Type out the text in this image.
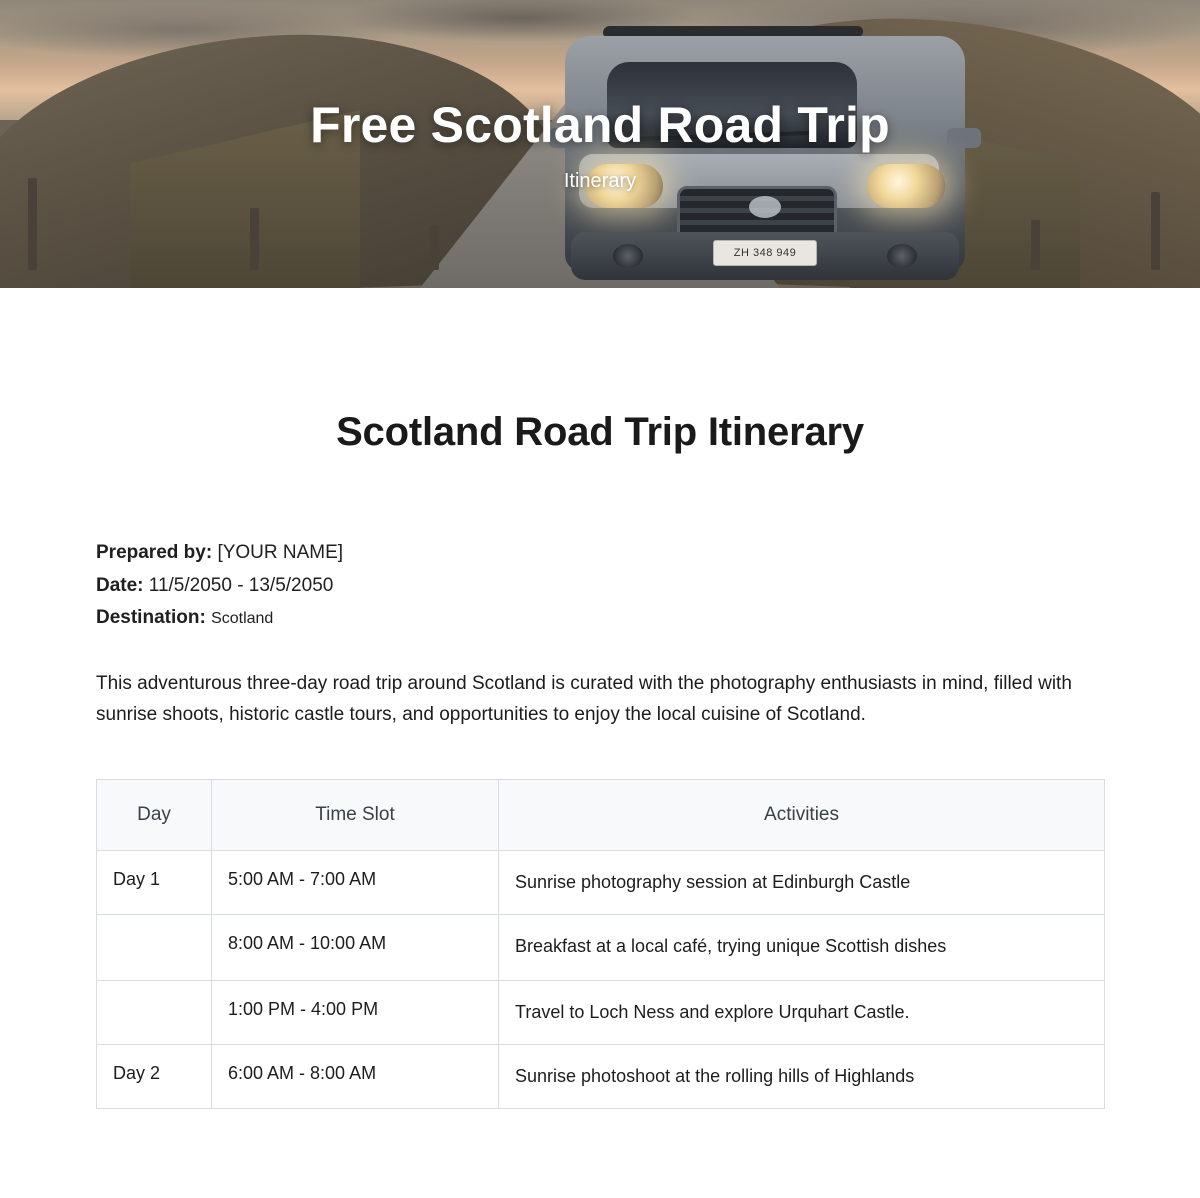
ZH 348 949
Free Scotland Road Trip
Itinerary
Scotland Road Trip Itinerary
Prepared by: [YOUR NAME]
Date: 11/5/2050 - 13/5/2050
Destination: Scotland

This adventurous three-day road trip around Scotland is curated with the photography enthusiasts in mind, filled with sunrise shoots, historic castle tours, and opportunities to enjoy the local cuisine of Scotland.

Day	Time Slot	Activities
Day 1	5:00 AM - 7:00 AM	Sunrise photography session at Edinburgh Castle
	8:00 AM - 10:00 AM	Breakfast at a local café, trying unique Scottish dishes
	1:00 PM - 4:00 PM	Travel to Loch Ness and explore Urquhart Castle.
Day 2	6:00 AM - 8:00 AM	Sunrise photoshoot at the rolling hills of Highlands
